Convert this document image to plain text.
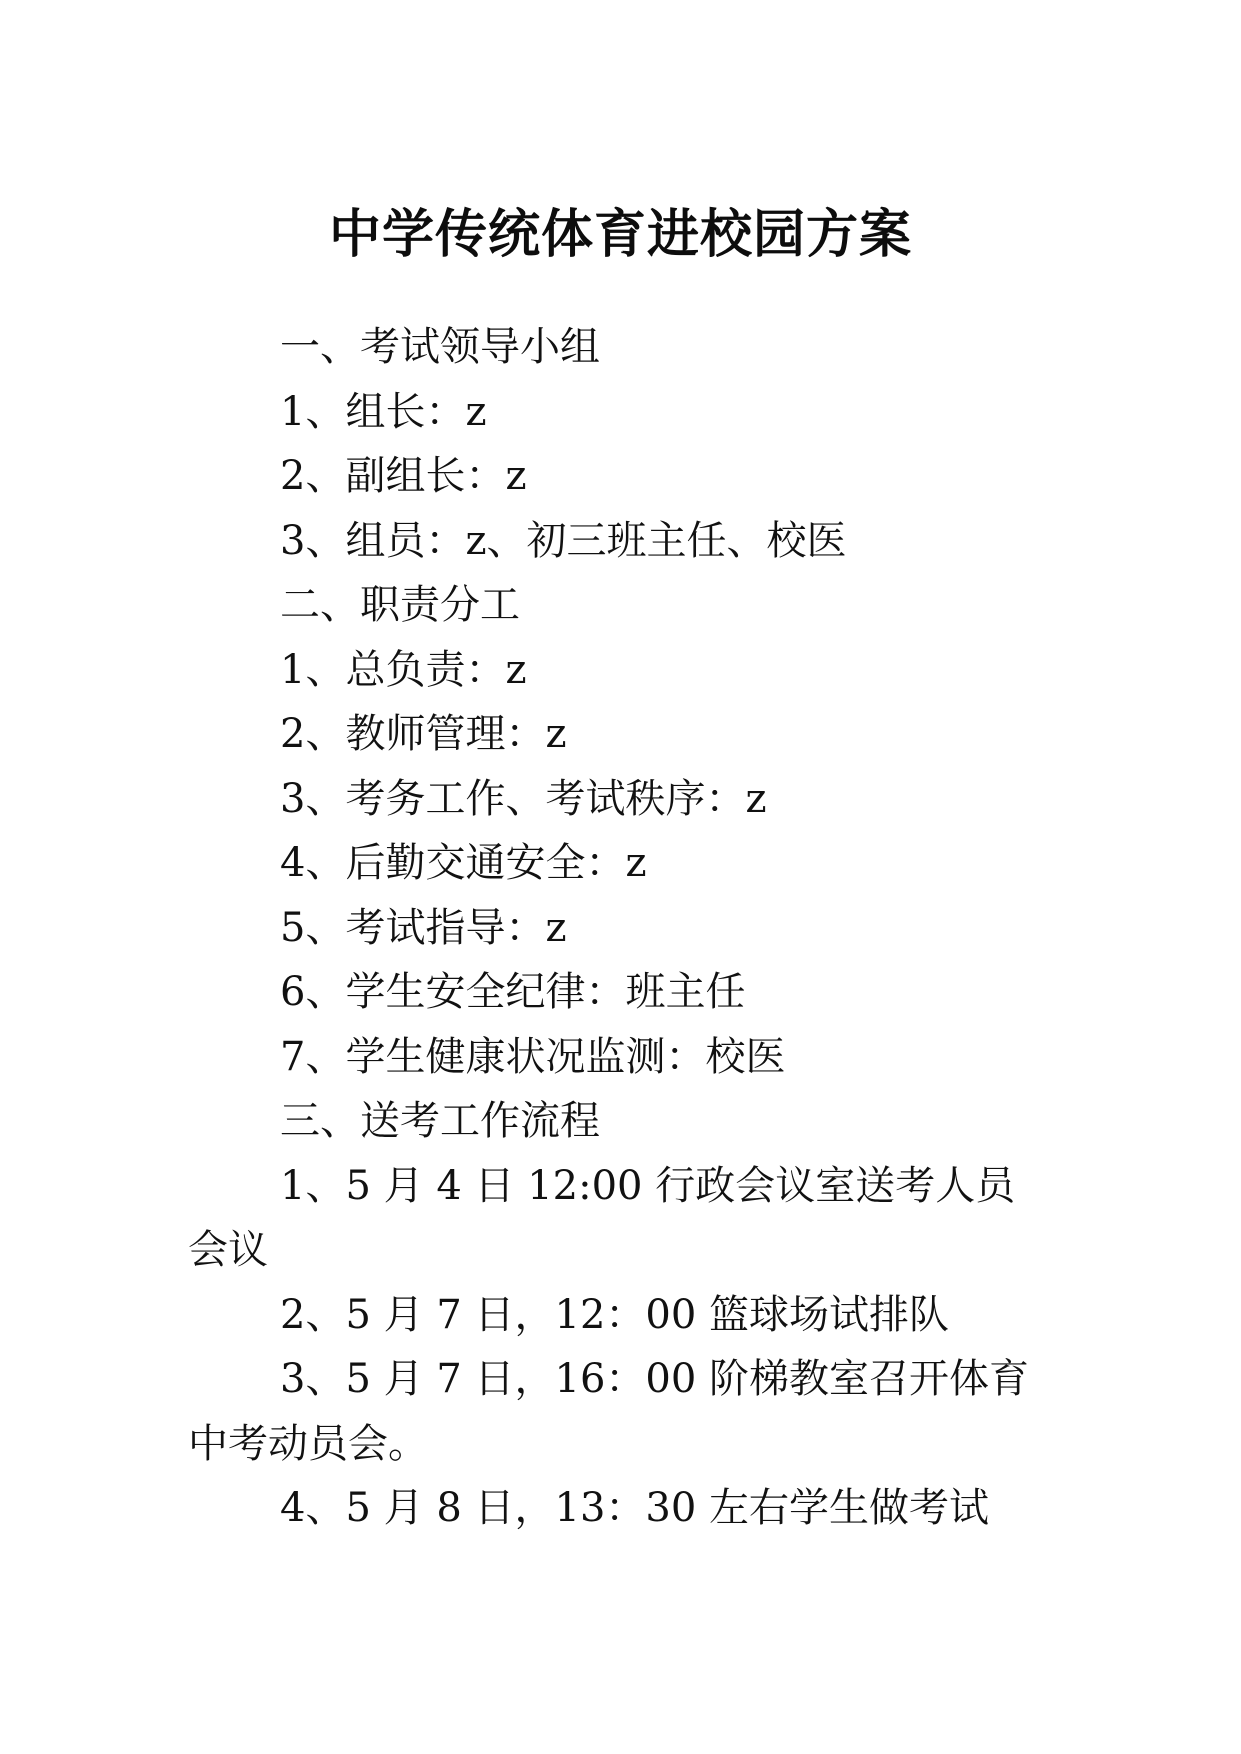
中学传统体育进校园方案

一、考试领导小组

1、组长：z

2、副组长：z

3、组员：z、初三班主任、校医

二、职责分工

1、总负责：z

2、教师管理：z

3、考务工作、考试秩序：z

4、后勤交通安全：z

5、考试指导：z

6、学生安全纪律：班主任

7、学生健康状况监测：校医

三、送考工作流程

1、5 月 4 日 12:00 行政会议室送考人员会议

2、5 月 7 日，12：00 篮球场试排队

3、5 月 7 日，16：00 阶梯教室召开体育中考动员会。

4、5 月 8 日，13：30 左右学生做考试
